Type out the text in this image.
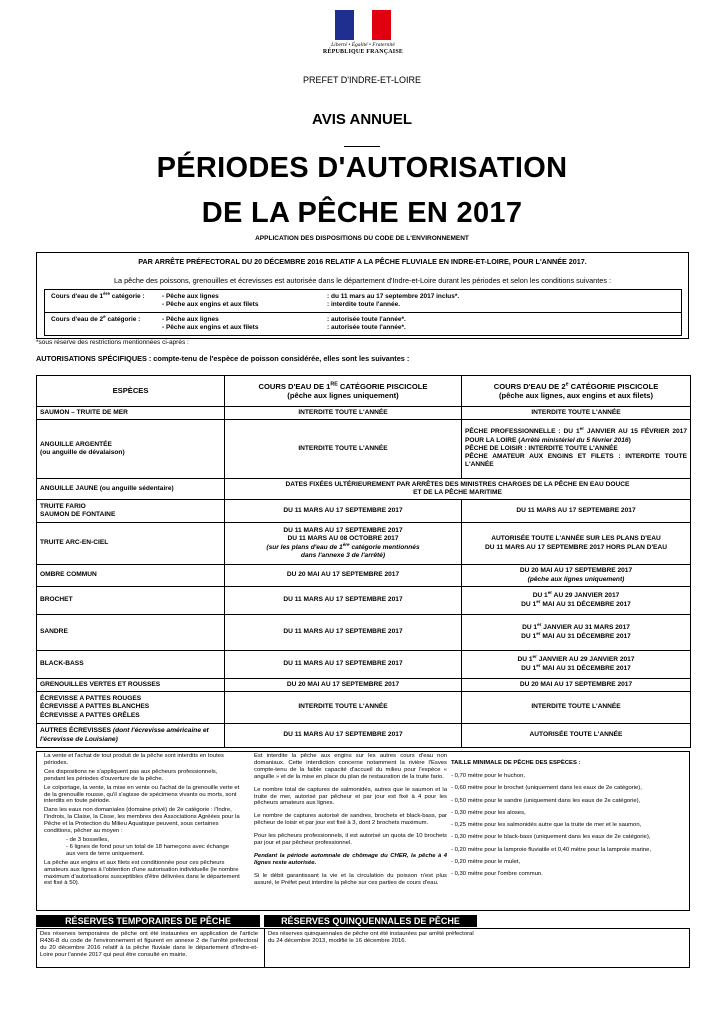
Liberté • Égalité • Fraternité
RÉPUBLIQUE FRANÇAISE
PREFET D'INDRE-ET-LOIRE
AVIS ANNUEL
PÉRIODES D'AUTORISATION
DE LA PÊCHE EN 2017
APPLICATION DES DISPOSITIONS DU CODE DE L'ENVIRONNEMENT
PAR ARRÊTE PRÉFECTORAL DU 20 DÉCEMBRE 2016 RELATIF A LA PÊCHE FLUVIALE EN INDRE-ET-LOIRE, POUR L'ANNÉE 2017.
La pêche des poissons, grenouilles et écrevisses est autorisée dans le département d'Indre-et-Loire durant les périodes et selon les conditions suivantes :
Cours d'eau de 1ère catégorie :	- Pêche aux lignes	: du 11 mars au 17 septembre 2017 inclus*.
- Pêche aux engins et aux filets	: interdite toute l'année.
Cours d'eau de 2e catégorie :	- Pêche aux lignes	: autorisée toute l'année*.
- Pêche aux engins et aux filets	: autorisée toute l'année*.
*sous réserve des restrictions mentionnées ci-après :
AUTORISATIONS SPÉCIFIQUES : compte-tenu de l'espèce de poisson considérée, elles sont les suivantes :
ESPÈCES	COURS D'EAU DE 1RE CATÉGORIE PISCICOLE
(pêche aux lignes uniquement)	COURS D'EAU DE 2e CATÉGORIE PISCICOLE
(pêche aux lignes, aux engins et aux filets)
SAUMON – TRUITE DE MER	INTERDITE TOUTE L'ANNÉE	INTERDITE TOUTE L'ANNÉE
ANGUILLE ARGENTÉE
(ou anguille de dévalaison)	INTERDITE TOUTE L'ANNÉE	PÊCHE PROFESSIONNELLE : DU 1er JANVIER AU 15 FÉVRIER 2017 POUR LA LOIRE (Arrêté ministériel du 5 février 2016)
PÊCHE DE LOISIR : INTERDITE TOUTE L'ANNÉE
PÊCHE AMATEUR AUX ENGINS ET FILETS : INTERDITE TOUTE L'ANNÉE
ANGUILLE JAUNE (ou anguille sédentaire)	DATES FIXÉES ULTÉRIEUREMENT PAR ARRÊTES DES MINISTRES CHARGES DE LA PÊCHE EN EAU DOUCE
ET DE LA PÊCHE MARITIME	
TRUITE FARIO
SAUMON DE FONTAINE	DU 11 MARS AU 17 SEPTEMBRE 2017	DU 11 MARS AU 17 SEPTEMBRE 2017
TRUITE ARC-EN-CIEL	DU 11 MARS AU 17 SEPTEMBRE 2017
DU 11 MARS AU 08 OCTOBRE 2017
(sur les plans d'eau de 1ère catégorie mentionnés
dans l'annexe 3 de l'arrêté)	AUTORISÉE TOUTE L'ANNÉE SUR LES PLANS D'EAU
DU 11 MARS AU 17 SEPTEMBRE 2017 HORS PLAN D'EAU
OMBRE COMMUN	DU 20 MAI AU 17 SEPTEMBRE 2017	DU 20 MAI AU 17 SEPTEMBRE 2017
(pêche aux lignes uniquement)
BROCHET	DU 11 MARS AU 17 SEPTEMBRE 2017	DU 1er AU 29 JANVIER 2017
DU 1er MAI AU 31 DÉCEMBRE 2017
SANDRE	DU 11 MARS AU 17 SEPTEMBRE 2017	DU 1er JANVIER AU 31 MARS 2017
DU 1er MAI AU 31 DÉCEMBRE 2017
BLACK-BASS	DU 11 MARS AU 17 SEPTEMBRE 2017	DU 1er JANVIER AU 29 JANVIER 2017
DU 1er MAI AU 31 DÉCEMBRE 2017
GRENOUILLES VERTES ET ROUSSES	DU 20 MAI AU 17 SEPTEMBRE 2017	DU 20 MAI AU 17 SEPTEMBRE 2017
ÉCREVISSE A PATTES ROUGES
ÉCREVISSE A PATTES BLANCHES
ÉCREVISSE A PATTES GRÊLES	INTERDITE TOUTE L'ANNÉE	INTERDITE TOUTE L'ANNÉE
AUTRES ÉCREVISSES (dont l'écrevisse américaine et l'écrevisse de Louisiane)	DU 11 MARS AU 17 SEPTEMBRE 2017	AUTORISÉE TOUTE L'ANNÉE

La vente et l'achat de tout produit de la pêche sont interdits en toutes périodes.

Ces dispositions ne s'appliquent pas aux pêcheurs professionnels, pendant les périodes d'ouverture de la pêche.

Le colportage, la vente, la mise en vente ou l'achat de la grenouille verte et de la grenouille rousse, qu'il s'agisse de spécimens vivants ou morts, sont interdits en toute période.

Dans les eaux non domaniales (domaine privé) de 2e catégorie : l'Indre, l'Indrois, la Claise, la Cisse, les membres des Associations Agréées pour la Pêche et la Protection du Milieu Aquatique peuvent, sous certaines conditions, pêcher au moyen :

- de 3 bosselles,

- 6 lignes de fond pour un total de 18 hameçons avec échange aux vers de terre uniquement.

La pêche aux engins et aux filets est conditionnée pour ces pêcheurs amateurs aux lignes à l'obtention d'une autorisation individuelle (le nombre maximum d'autorisations susceptibles d'être délivrées dans le département est fixé à 50).

Est interdite la pêche aux engins sur les autres cours d'eau non domaniaux. Cette interdiction concerne notamment la rivière l'Esves compte-tenu de la faible capacité d'accueil du milieu pour l'espèce « anguille » et de la mise en place du plan de restauration de la truite fario.

Le nombre total de captures de salmonidés, autres que le saumon et la truite de mer, autorisé par pêcheur et par jour est fixé à 4 pour les pêcheurs amateurs aux lignes.

Le nombre de captures autorisé de sandres, brochets et black-bass, par pêcheur de loisir et par jour est fixé à 3, dont 2 brochets maximum.

Pour les pêcheurs professionnels, il est autorisé un quota de 10 brochets par jour et par pêcheur professionnel.

Pendant la période automnale de chômage du CHER, la pêche à 4 lignes reste autorisée.

Si le débit garantissant la vie et la circulation du poisson n'est plus assuré, le Préfet peut interdire la pêche sur ces parties de cours d'eau.

TAILLE MINIMALE DE PÊCHE DES ESPÈCES :

- 0,70 mètre pour le huchon,
- 0,60 mètre pour le brochet (uniquement dans les eaux de 2e catégorie),
- 0,50 mètre pour le sandre (uniquement dans les eaux de 2e catégorie),
- 0,30 mètre pour les aloses,
- 0,25 mètre pour les salmonidés autre que la truite de mer et le saumon,
- 0,30 mètre pour le black-bass (uniquement dans les eaux de 2e catégorie),
- 0,20 mètre pour la lamproie fluviatile et 0,40 mètre pour la lamproie marine,
- 0,20 mètre pour le mulet,
- 0,30 mètre pour l'ombre commun.
RÉSERVES TEMPORAIRES DE PÊCHE	RÉSERVES QUINQUENNALES DE PÊCHE
Des réserves temporaires de pêche ont été instaurées en application de l'article R436-8 du code de l'environnement et figurent en annexe 2 de l'arrêté préfectoral du 20 décembre 2016 relatif à la pêche fluviale dans le département d'Indre-et-Loire pour l'année 2017 qui peut être consulté en mairie.
Des réserves quinquennales de pêche ont été instaurées par arrêté préfectoral du 24 décembre 2013, modifié le 16 décembre 2016.
